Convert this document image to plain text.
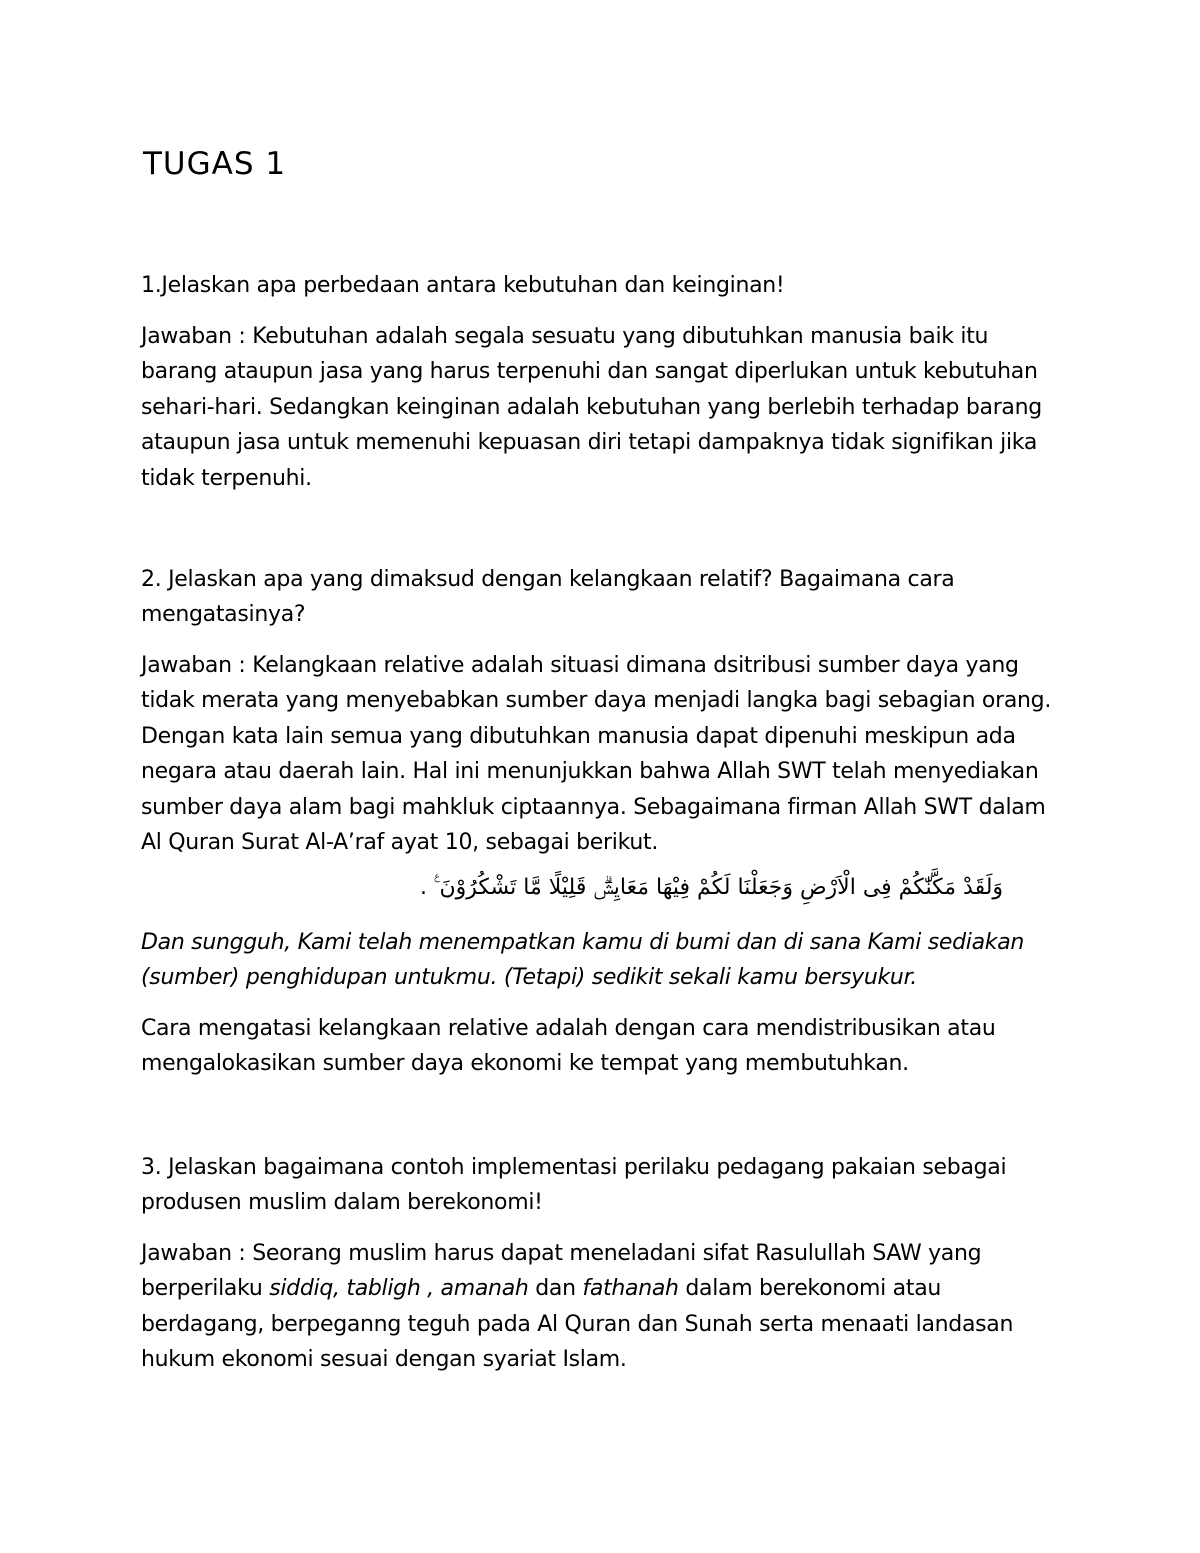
TUGAS 1

1.Jelaskan apa perbedaan antara kebutuhan dan keinginan!

Jawaban : Kebutuhan adalah segala sesuatu yang dibutuhkan manusia baik itu barang ataupun jasa yang harus terpenuhi dan sangat diperlukan untuk kebutuhan sehari-hari. Sedangkan keinginan adalah kebutuhan yang berlebih terhadap barang ataupun jasa untuk memenuhi kepuasan diri tetapi dampaknya tidak signifikan jika tidak terpenuhi.

2. Jelaskan apa yang dimaksud dengan kelangkaan relatif? Bagaimana cara mengatasinya?

Jawaban : Kelangkaan relative adalah situasi dimana dsitribusi sumber daya yang tidak merata yang menyebabkan sumber daya menjadi langka bagi sebagian orang. Dengan kata lain semua yang dibutuhkan manusia dapat dipenuhi meskipun ada negara atau daerah lain. Hal ini menunjukkan bahwa Allah SWT telah menyediakan sumber daya alam bagi mahkluk ciptaannya. Sebagaimana firman Allah SWT dalam Al Quran Surat Al-A’raf ayat 10, sebagai berikut.

وَلَقَدْ مَكَّنّٰكُمْ فِى الْاَرْضِ وَجَعَلْنَا لَكُمْ فِيْهَا مَعَايِشَۗ قَلِيْلًا مَّا تَشْكُرُوْنَ ࣖ .

Dan sungguh, Kami telah menempatkan kamu di bumi dan di sana Kami sediakan (sumber) penghidupan untukmu. (Tetapi) sedikit sekali kamu bersyukur.

Cara mengatasi kelangkaan relative adalah dengan cara mendistribusikan atau mengalokasikan sumber daya ekonomi ke tempat yang membutuhkan.

3. Jelaskan bagaimana contoh implementasi perilaku pedagang pakaian sebagai produsen muslim dalam berekonomi!

Jawaban : Seorang muslim harus dapat meneladani sifat Rasulullah SAW yang berperilaku siddiq, tabligh , amanah dan fathanah dalam berekonomi atau berdagang, berpeganng teguh pada Al Quran dan Sunah serta menaati landasan hukum ekonomi sesuai dengan syariat Islam.
